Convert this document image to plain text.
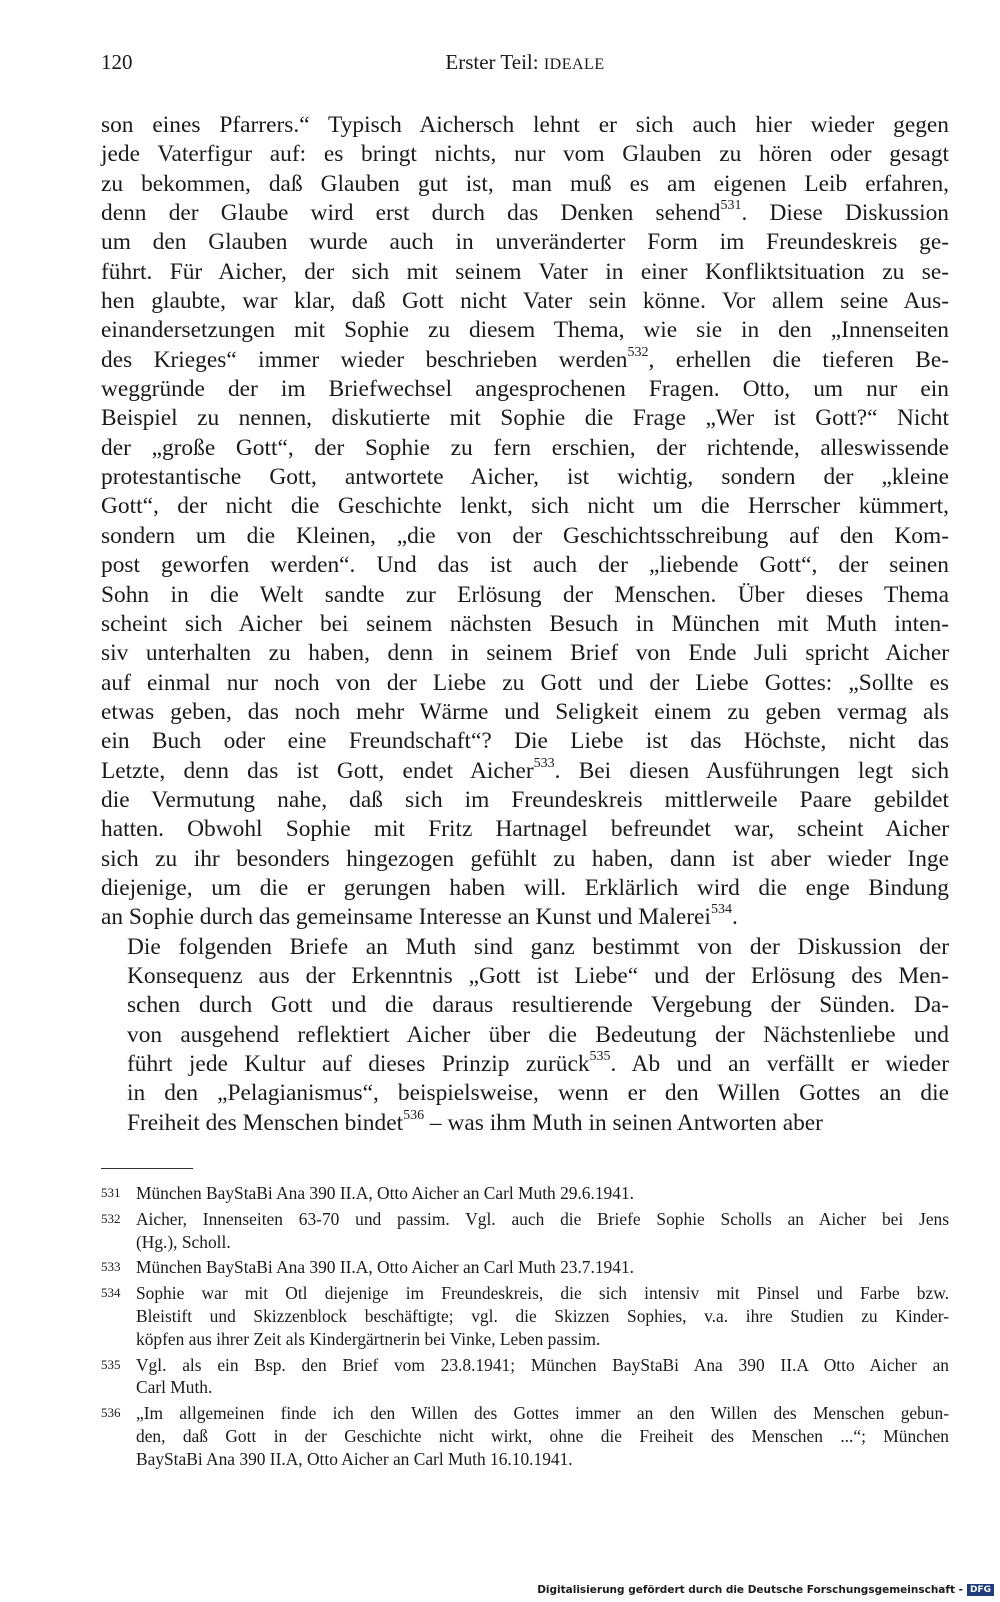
120	Erster Teil: IDEALE

son eines Pfarrers.“ Typisch Aichersch lehnt er sich auch hier wieder gegen
jede Vaterfigur auf: es bringt nichts, nur vom Glauben zu hören oder gesagt
zu bekommen, daß Glauben gut ist, man muß es am eigenen Leib erfahren,
denn der Glaube wird erst durch das Denken sehend$^{531}$. Diese Diskussion
um den Glauben wurde auch in unveränderter Form im Freundeskreis ge-
führt. Für Aicher, der sich mit seinem Vater in einer Konfliktsituation zu se-
hen glaubte, war klar, daß Gott nicht Vater sein könne. Vor allem seine Aus-
einandersetzungen mit Sophie zu diesem Thema, wie sie in den „Innenseiten
des Krieges“ immer wieder beschrieben werden$^{532}$, erhellen die tieferen Be-
weggründe der im Briefwechsel angesprochenen Fragen. Otto, um nur ein
Beispiel zu nennen, diskutierte mit Sophie die Frage „Wer ist Gott?“ Nicht
der „große Gott“, der Sophie zu fern erschien, der richtende, alleswissende
protestantische Gott, antwortete Aicher, ist wichtig, sondern der „kleine
Gott“, der nicht die Geschichte lenkt, sich nicht um die Herrscher kümmert,
sondern um die Kleinen, „die von der Geschichtsschreibung auf den Kom-
post geworfen werden“. Und das ist auch der „liebende Gott“, der seinen
Sohn in die Welt sandte zur Erlösung der Menschen. Über dieses Thema
scheint sich Aicher bei seinem nächsten Besuch in München mit Muth inten-
siv unterhalten zu haben, denn in seinem Brief von Ende Juli spricht Aicher
auf einmal nur noch von der Liebe zu Gott und der Liebe Gottes: „Sollte es
etwas geben, das noch mehr Wärme und Seligkeit einem zu geben vermag als
ein Buch oder eine Freundschaft“? Die Liebe ist das Höchste, nicht das
Letzte, denn das ist Gott, endet Aicher$^{533}$. Bei diesen Ausführungen legt sich
die Vermutung nahe, daß sich im Freundeskreis mittlerweile Paare gebildet
hatten. Obwohl Sophie mit Fritz Hartnagel befreundet war, scheint Aicher
sich zu ihr besonders hingezogen gefühlt zu haben, dann ist aber wieder Inge
diejenige, um die er gerungen haben will. Erklärlich wird die enge Bindung
an Sophie durch das gemeinsame Interesse an Kunst und Malerei$^{534}$.

Die folgenden Briefe an Muth sind ganz bestimmt von der Diskussion der
Konsequenz aus der Erkenntnis „Gott ist Liebe“ und der Erlösung des Men-
schen durch Gott und die daraus resultierende Vergebung der Sünden. Da-
von ausgehend reflektiert Aicher über die Bedeutung der Nächstenliebe und
führt jede Kultur auf dieses Prinzip zurück$^{535}$. Ab und an verfällt er wieder
in den „Pelagianismus“, beispielsweise, wenn er den Willen Gottes an die
Freiheit des Menschen bindet$^{536}$ – was ihm Muth in seinen Antworten aber

531 München BayStaBi Ana 390 II.A, Otto Aicher an Carl Muth 29.6.1941.
532 Aicher, Innenseiten 63-70 und passim. Vgl. auch die Briefe Sophie Scholls an Aicher bei Jens
(Hg.), Scholl.
533 München BayStaBi Ana 390 II.A, Otto Aicher an Carl Muth 23.7.1941.
534 Sophie war mit Otl diejenige im Freundeskreis, die sich intensiv mit Pinsel und Farbe bzw.
Bleistift und Skizzenblock beschäftigte; vgl. die Skizzen Sophies, v.a. ihre Studien zu Kinder-
köpfen aus ihrer Zeit als Kindergärtnerin bei Vinke, Leben passim.
535 Vgl. als ein Bsp. den Brief vom 23.8.1941; München BayStaBi Ana 390 II.A Otto Aicher an
Carl Muth.
536 „Im allgemeinen finde ich den Willen des Gottes immer an den Willen des Menschen gebun-
den, daß Gott in der Geschichte nicht wirkt, ohne die Freiheit des Menschen ...“; München
BayStaBi Ana 390 II.A, Otto Aicher an Carl Muth 16.10.1941.
Digitalisierung gefördert durch die Deutsche Forschungsgemeinschaft - DFG
